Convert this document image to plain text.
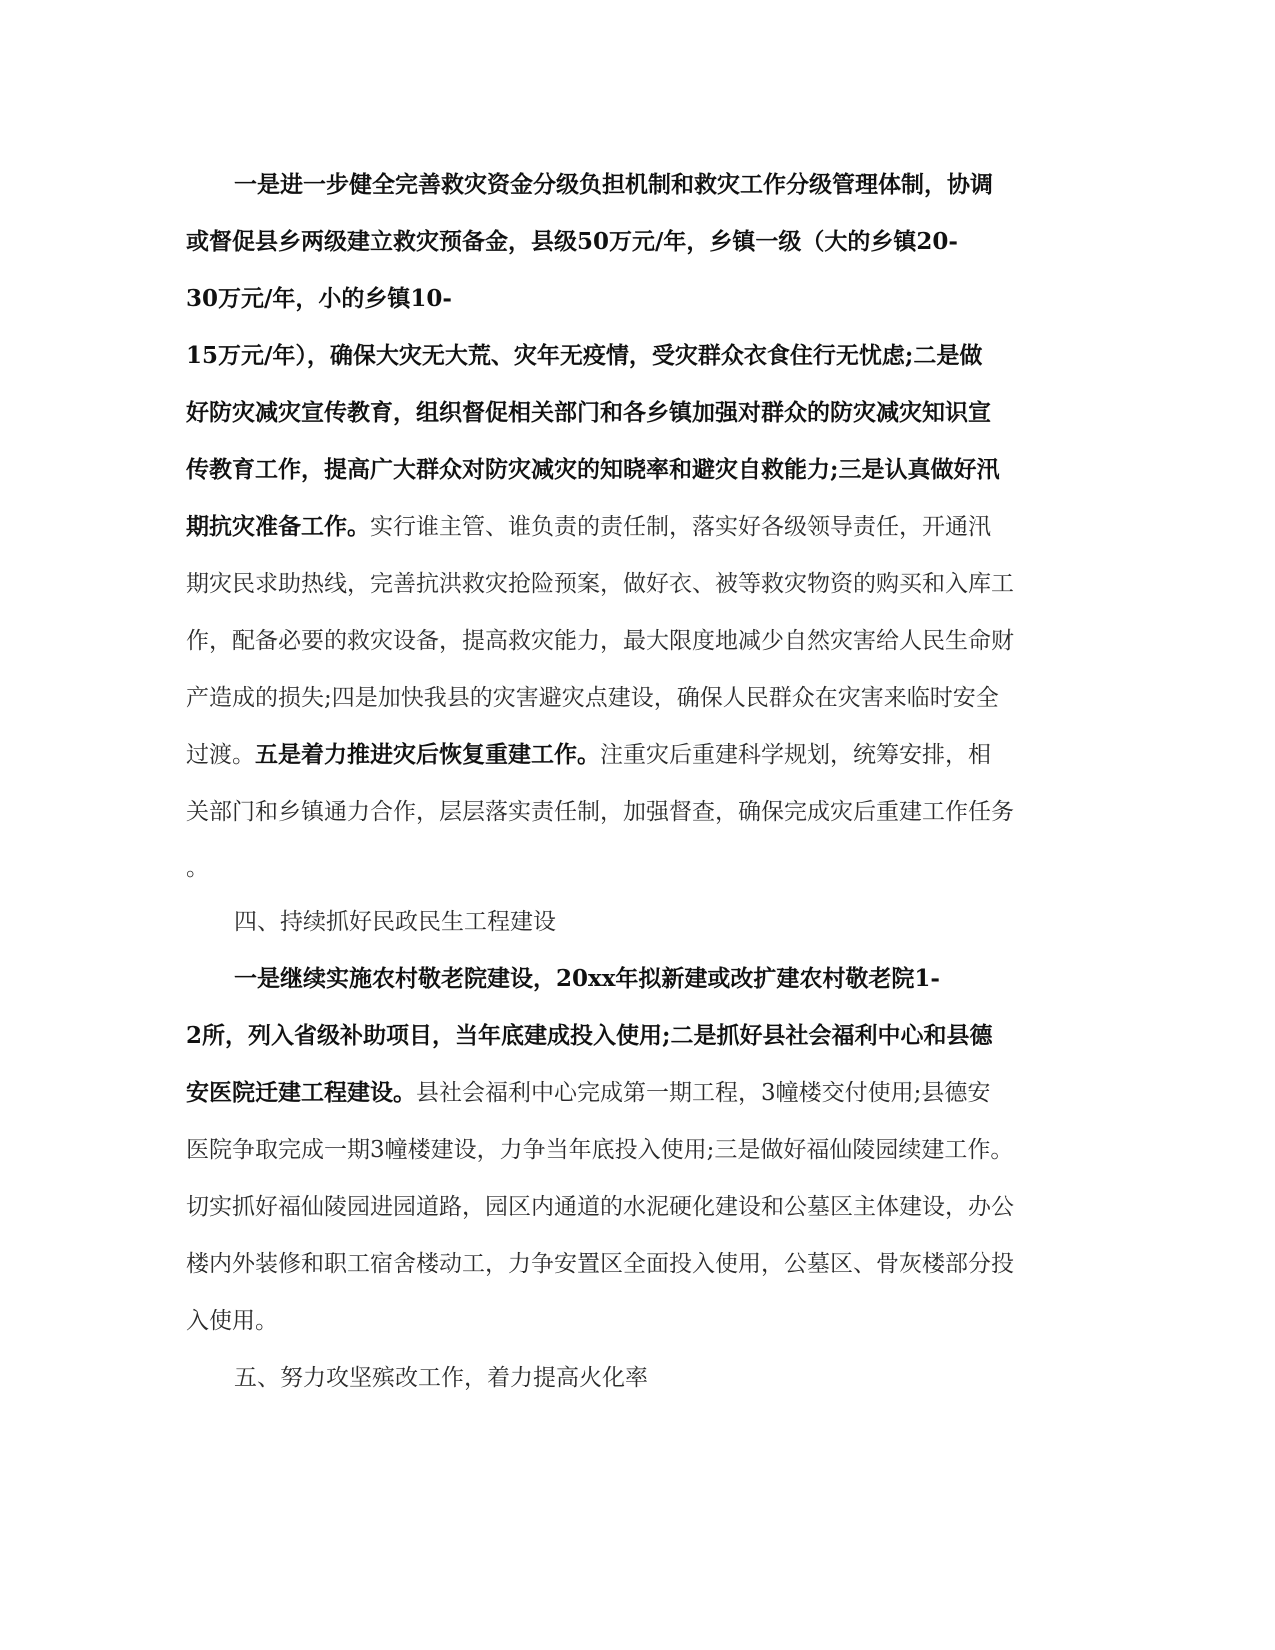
一是进一步健全完善救灾资金分级负担机制和救灾工作分级管理体制，协调
或督促县乡两级建立救灾预备金，县级50万元/年，乡镇一级（大的乡镇20-
30万元/年，小的乡镇10-
15万元/年），确保大灾无大荒、灾年无疫情，受灾群众衣食住行无忧虑;二是做
好防灾减灾宣传教育，组织督促相关部门和各乡镇加强对群众的防灾减灾知识宣
传教育工作，提高广大群众对防灾减灾的知晓率和避灾自救能力;三是认真做好汛
期抗灾准备工作。实行谁主管、谁负责的责任制，落实好各级领导责任，开通汛
期灾民求助热线，完善抗洪救灾抢险预案，做好衣、被等救灾物资的购买和入库工
作，配备必要的救灾设备，提高救灾能力，最大限度地减少自然灾害给人民生命财
产造成的损失;四是加快我县的灾害避灾点建设，确保人民群众在灾害来临时安全
过渡。五是着力推进灾后恢复重建工作。注重灾后重建科学规划，统筹安排，相
关部门和乡镇通力合作，层层落实责任制，加强督查，确保完成灾后重建工作任务
。
四、持续抓好民政民生工程建设
一是继续实施农村敬老院建设，20xx年拟新建或改扩建农村敬老院1-
2所，列入省级补助项目，当年底建成投入使用;二是抓好县社会福利中心和县德
安医院迁建工程建设。县社会福利中心完成第一期工程，3幢楼交付使用;县德安
医院争取完成一期3幢楼建设，力争当年底投入使用;三是做好福仙陵园续建工作。
切实抓好福仙陵园进园道路，园区内通道的水泥硬化建设和公墓区主体建设，办公
楼内外装修和职工宿舍楼动工，力争安置区全面投入使用，公墓区、骨灰楼部分投
入使用。
五、努力攻坚殡改工作，着力提高火化率
